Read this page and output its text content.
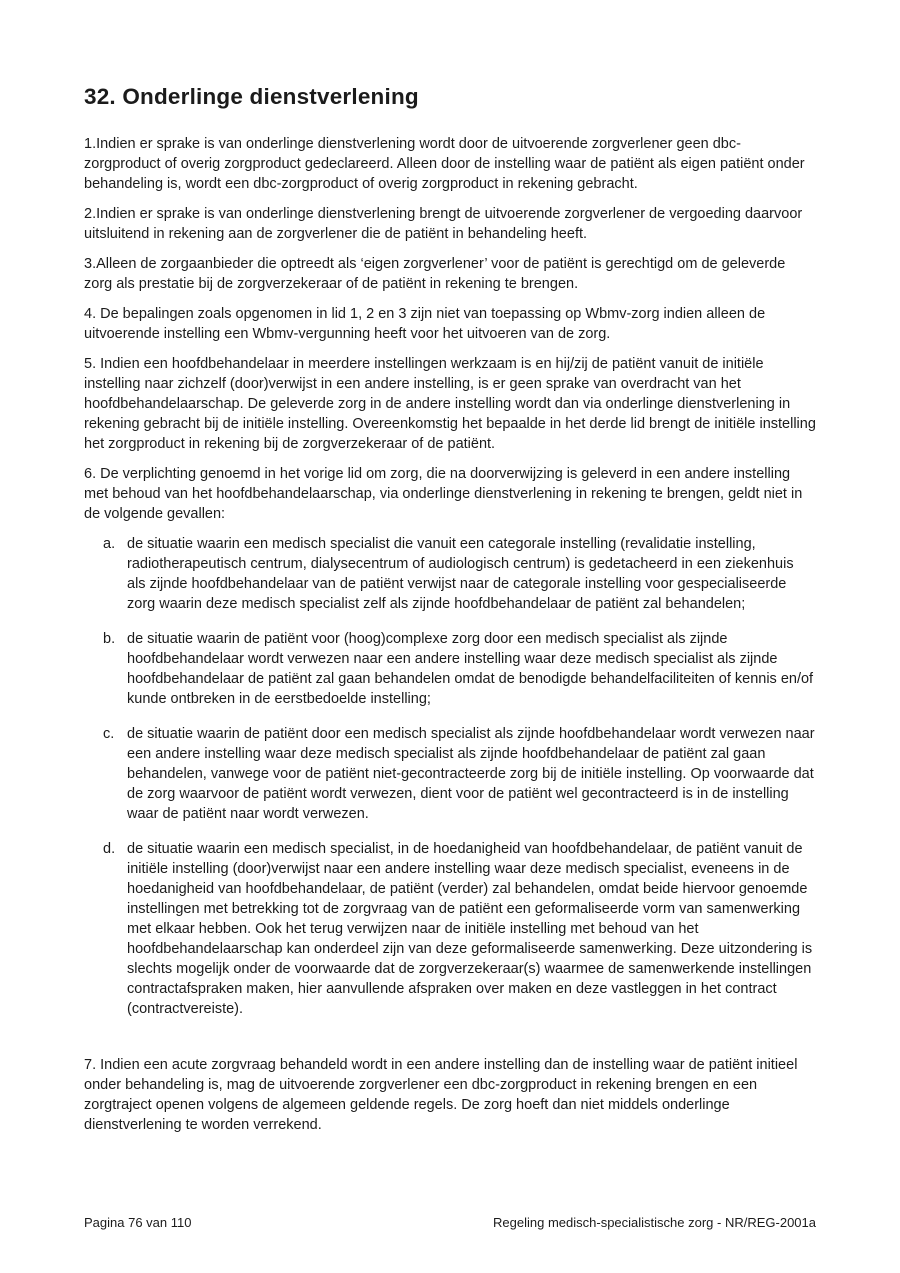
32. Onderlinge dienstverlening

1.Indien er sprake is van onderlinge dienstverlening wordt door de uitvoerende zorgverlener geen dbc-zorgproduct of overig zorgproduct gedeclareerd. Alleen door de instelling waar de patiënt als eigen patiënt onder behandeling is, wordt een dbc-zorgproduct of overig zorgproduct in rekening gebracht.

2.Indien er sprake is van onderlinge dienstverlening brengt de uitvoerende zorgverlener de vergoeding daarvoor uitsluitend in rekening aan de zorgverlener die de patiënt in behandeling heeft.

3.Alleen de zorgaanbieder die optreedt als ‘eigen zorgverlener’ voor de patiënt is gerechtigd om de geleverde zorg als prestatie bij de zorgverzekeraar of de patiënt in rekening te brengen.

4. De bepalingen zoals opgenomen in lid 1, 2 en 3 zijn niet van toepassing op Wbmv-zorg indien alleen de uitvoerende instelling een Wbmv-vergunning heeft voor het uitvoeren van de zorg.

5. Indien een hoofdbehandelaar in meerdere instellingen werkzaam is en hij/zij de patiënt vanuit de initiële instelling naar zichzelf (door)verwijst in een andere instelling, is er geen sprake van overdracht van het hoofdbehandelaarschap. De geleverde zorg in de andere instelling wordt dan via onderlinge dienstverlening in rekening gebracht bij de initiële instelling. Overeenkomstig het bepaalde in het derde lid brengt de initiële instelling het zorgproduct in rekening bij de zorgverzekeraar of de patiënt.

6. De verplichting genoemd in het vorige lid om zorg, die na doorverwijzing is geleverd in een andere instelling met behoud van het hoofdbehandelaarschap, via onderlinge dienstverlening in rekening te brengen, geldt niet in de volgende gevallen:

a. de situatie waarin een medisch specialist die vanuit een categorale instelling (revalidatie instelling, radiotherapeutisch centrum, dialysecentrum of audiologisch centrum) is gedetacheerd in een ziekenhuis als zijnde hoofdbehandelaar van de patiënt verwijst naar de categorale instelling voor gespecialiseerde zorg waarin deze medisch specialist zelf als zijnde hoofdbehandelaar de patiënt zal behandelen;
b. de situatie waarin de patiënt voor (hoog)complexe zorg door een medisch specialist als zijnde hoofdbehandelaar wordt verwezen naar een andere instelling waar deze medisch specialist als zijnde hoofdbehandelaar de patiënt zal gaan behandelen omdat de benodigde behandelfaciliteiten of kennis en/of kunde ontbreken in de eerstbedoelde instelling;
c. de situatie waarin de patiënt door een medisch specialist als zijnde hoofdbehandelaar wordt verwezen naar een andere instelling waar deze medisch specialist als zijnde hoofdbehandelaar de patiënt zal gaan behandelen, vanwege voor de patiënt niet-gecontracteerde zorg bij de initiële instelling. Op voorwaarde dat de zorg waarvoor de patiënt wordt verwezen, dient voor de patiënt wel gecontracteerd is in de instelling waar de patiënt naar wordt verwezen.
d. de situatie waarin een medisch specialist, in de hoedanigheid van hoofdbehandelaar, de patiënt vanuit de initiële instelling (door)verwijst naar een andere instelling waar deze medisch specialist, eveneens in de hoedanigheid van hoofdbehandelaar, de patiënt (verder) zal behandelen, omdat beide hiervoor genoemde instellingen met betrekking tot de zorgvraag van de patiënt een geformaliseerde vorm van samenwerking met elkaar hebben. Ook het terug verwijzen naar de initiële instelling met behoud van het hoofdbehandelaarschap kan onderdeel zijn van deze geformaliseerde samenwerking. Deze uitzondering is slechts mogelijk onder de voorwaarde dat de zorgverzekeraar(s) waarmee de samenwerkende instellingen contractafspraken maken, hier aanvullende afspraken over maken en deze vastleggen in het contract (contractvereiste).

7. Indien een acute zorgvraag behandeld wordt in een andere instelling dan de instelling waar de patiënt initieel onder behandeling is, mag de uitvoerende zorgverlener een dbc-zorgproduct in rekening brengen en een zorgtraject openen volgens de algemeen geldende regels. De zorg hoeft dan niet middels onderlinge dienstverlening te worden verrekend.

Pagina 76 van 110	Regeling medisch-specialistische zorg - NR/REG-2001a
